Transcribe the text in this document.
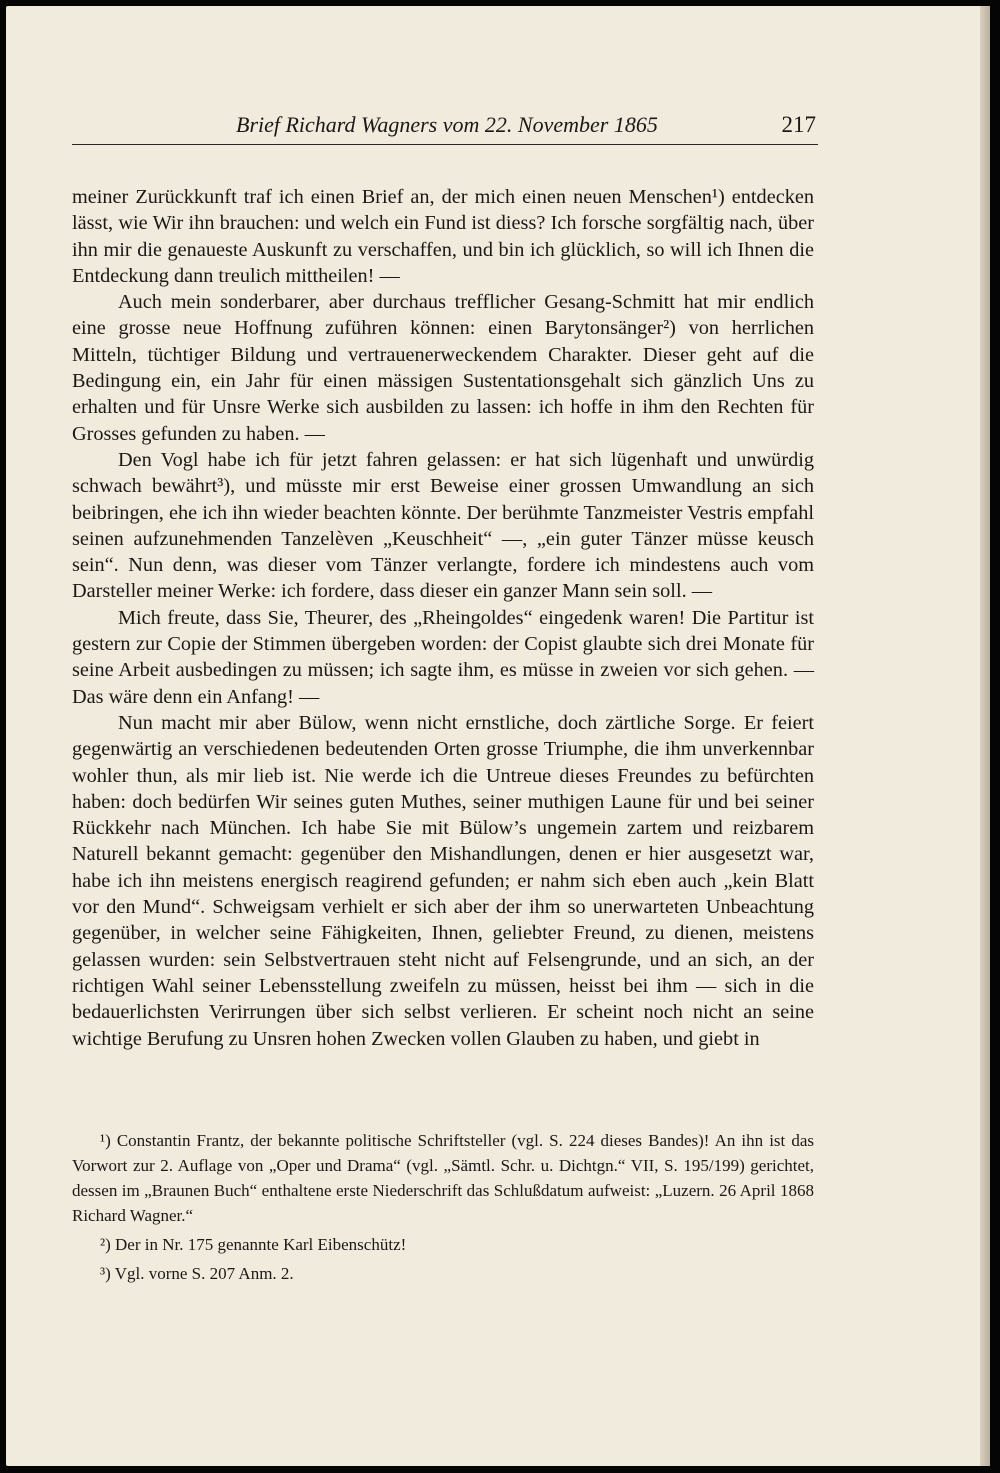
Brief Richard Wagners vom 22. November 1865	217

meiner Zurückkunft traf ich einen Brief an, der mich einen neuen Menschen¹) entdecken lässt, wie Wir ihn brauchen: und welch ein Fund ist diess? Ich forsche sorgfältig nach, über ihn mir die genaueste Auskunft zu verschaffen, und bin ich glücklich, so will ich Ihnen die Entdeckung dann treulich mittheilen! —

Auch mein sonderbarer, aber durchaus trefflicher Gesang-Schmitt hat mir endlich eine grosse neue Hoffnung zuführen können: einen Barytonsänger²) von herrlichen Mitteln, tüchtiger Bildung und vertrauenerweckendem Charakter. Dieser geht auf die Bedingung ein, ein Jahr für einen mässigen Sustentationsgehalt sich gänzlich Uns zu erhalten und für Unsre Werke sich ausbilden zu lassen: ich hoffe in ihm den Rechten für Grosses gefunden zu haben. —

Den Vogl habe ich für jetzt fahren gelassen: er hat sich lügenhaft und unwürdig schwach bewährt³), und müsste mir erst Beweise einer grossen Umwandlung an sich beibringen, ehe ich ihn wieder beachten könnte. Der berühmte Tanzmeister Vestris empfahl seinen aufzunehmenden Tanzelèven „Keuschheit“ —, „ein guter Tänzer müsse keusch sein“. Nun denn, was dieser vom Tänzer verlangte, fordere ich mindestens auch vom Darsteller meiner Werke: ich fordere, dass dieser ein ganzer Mann sein soll. —

Mich freute, dass Sie, Theurer, des „Rheingoldes“ eingedenk waren! Die Partitur ist gestern zur Copie der Stimmen übergeben worden: der Copist glaubte sich drei Monate für seine Arbeit ausbedingen zu müssen; ich sagte ihm, es müsse in zweien vor sich gehen. — Das wäre denn ein Anfang! —

Nun macht mir aber Bülow, wenn nicht ernstliche, doch zärtliche Sorge. Er feiert gegenwärtig an verschiedenen bedeutenden Orten grosse Triumphe, die ihm unverkennbar wohler thun, als mir lieb ist. Nie werde ich die Untreue dieses Freundes zu befürchten haben: doch bedürfen Wir seines guten Muthes, seiner muthigen Laune für und bei seiner Rückkehr nach München. Ich habe Sie mit Bülow’s ungemein zartem und reizbarem Naturell bekannt gemacht: gegenüber den Mishandlungen, denen er hier ausgesetzt war, habe ich ihn meistens energisch reagirend gefunden; er nahm sich eben auch „kein Blatt vor den Mund“. Schweigsam verhielt er sich aber der ihm so unerwarteten Unbeachtung gegenüber, in welcher seine Fähigkeiten, Ihnen, geliebter Freund, zu dienen, meistens gelassen wurden: sein Selbstvertrauen steht nicht auf Felsengrunde, und an sich, an der richtigen Wahl seiner Lebensstellung zweifeln zu müssen, heisst bei ihm — sich in die bedauerlichsten Verirrungen über sich selbst verlieren. Er scheint noch nicht an seine wichtige Berufung zu Unsren hohen Zwecken vollen Glauben zu haben, und giebt in

¹) Constantin Frantz, der bekannte politische Schriftsteller (vgl. S. 224 dieses Bandes)! An ihn ist das Vorwort zur 2. Auflage von „Oper und Drama“ (vgl. „Sämtl. Schr. u. Dichtgn.“ VII, S. 195/199) gerichtet, dessen im „Braunen Buch“ enthaltene erste Niederschrift das Schlußdatum aufweist: „Luzern. 26 April 1868 Richard Wagner.“

²) Der in Nr. 175 genannte Karl Eibenschütz!

³) Vgl. vorne S. 207 Anm. 2.
